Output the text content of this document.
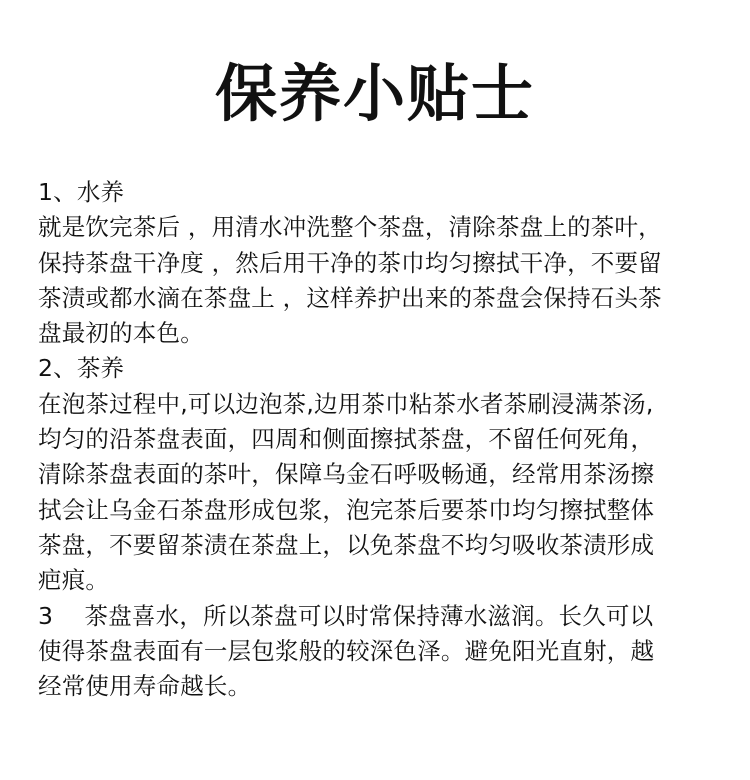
保养小贴士
1、水养
就是饮完茶后 ，用清水冲洗整个茶盘，清除茶盘上的茶叶，
保持茶盘干净度 ，然后用干净的茶巾均匀擦拭干净，不要留
茶渍或都水滴在茶盘上 ，这样养护出来的茶盘会保持石头茶
盘最初的本色。
2、茶养
在泡茶过程中,可以边泡茶,边用茶巾粘茶水者茶刷浸满茶汤,
均匀的沿茶盘表面，四周和侧面擦拭茶盘，不留任何死角，
清除茶盘表面的茶叶，保障乌金石呼吸畅通，经常用茶汤擦
拭会让乌金石茶盘形成包浆，泡完茶后要茶巾均匀擦拭整体
茶盘，不要留茶渍在茶盘上，以免茶盘不均匀吸收茶渍形成
疤痕。
3　 茶盘喜水，所以茶盘可以时常保持薄水滋润。长久可以
使得茶盘表面有一层包浆般的较深色泽。避免阳光直射，越
经常使用寿命越长。
